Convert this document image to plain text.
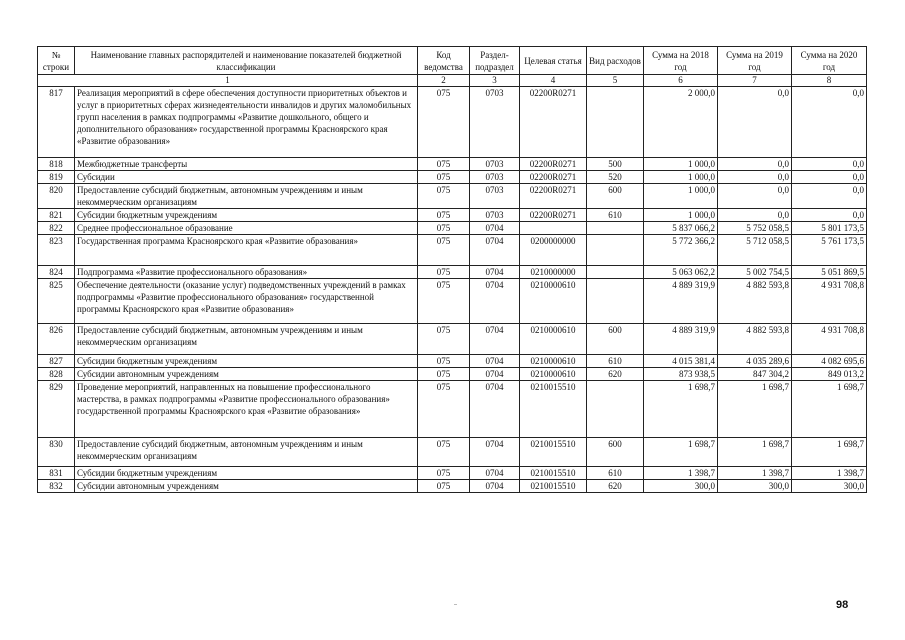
№ строки	Наименование главных распорядителей и наименование показателей бюджетной классификации	Код ведомства	Раздел-подраздел	Целевая статья	Вид расходов	Сумма на 2018 год	Сумма на 2019 год	Сумма на 2020 год
1		2	3	4	5	6	7	8
817	Реализация мероприятий в сфере обеспечения доступности приоритетных объектов и услуг в приоритетных сферах жизнедеятельности инвалидов и других маломобильных групп населения в рамках подпрограммы «Развитие дошкольного, общего и дополнительного образования» государственной программы Красноярского края «Развитие образования»	075	0703	02200R0271		2 000,0	0,0	0,0
818	Межбюджетные трансферты	075	0703	02200R0271	500	1 000,0	0,0	0,0
819	Субсидии	075	0703	02200R0271	520	1 000,0	0,0	0,0
820	Предоставление субсидий бюджетным, автономным учреждениям и иным некоммерческим организациям	075	0703	02200R0271	600	1 000,0	0,0	0,0
821	Субсидии бюджетным учреждениям	075	0703	02200R0271	610	1 000,0	0,0	0,0
822	Среднее профессиональное образование	075	0704			5 837 066,2	5 752 058,5	5 801 173,5
823	Государственная программа Красноярского края «Развитие образования»	075	0704	0200000000		5 772 366,2	5 712 058,5	5 761 173,5
824	Подпрограмма «Развитие профессионального образования»	075	0704	0210000000		5 063 062,2	5 002 754,5	5 051 869,5
825	Обеспечение деятельности (оказание услуг) подведомственных учреждений в рамках подпрограммы «Развитие профессионального образования» государственной программы Красноярского края «Развитие образования»	075	0704	0210000610		4 889 319,9	4 882 593,8	4 931 708,8
826	Предоставление субсидий бюджетным, автономным учреждениям и иным некоммерческим организациям	075	0704	0210000610	600	4 889 319,9	4 882 593,8	4 931 708,8
827	Субсидии бюджетным учреждениям	075	0704	0210000610	610	4 015 381,4	4 035 289,6	4 082 695,6
828	Субсидии автономным учреждениям	075	0704	0210000610	620	873 938,5	847 304,2	849 013,2
829	Проведение мероприятий, направленных на повышение профессионального мастерства, в рамках подпрограммы «Развитие профессионального образования» государственной программы Красноярского края «Развитие образования»	075	0704	0210015510		1 698,7	1 698,7	1 698,7
830	Предоставление субсидий бюджетным, автономным учреждениям и иным некоммерческим организациям	075	0704	0210015510	600	1 698,7	1 698,7	1 698,7
831	Субсидии бюджетным учреждениям	075	0704	0210015510	610	1 398,7	1 398,7	1 398,7
832	Субсидии автономным учреждениям	075	0704	0210015510	620	300,0	300,0	300,0
98
